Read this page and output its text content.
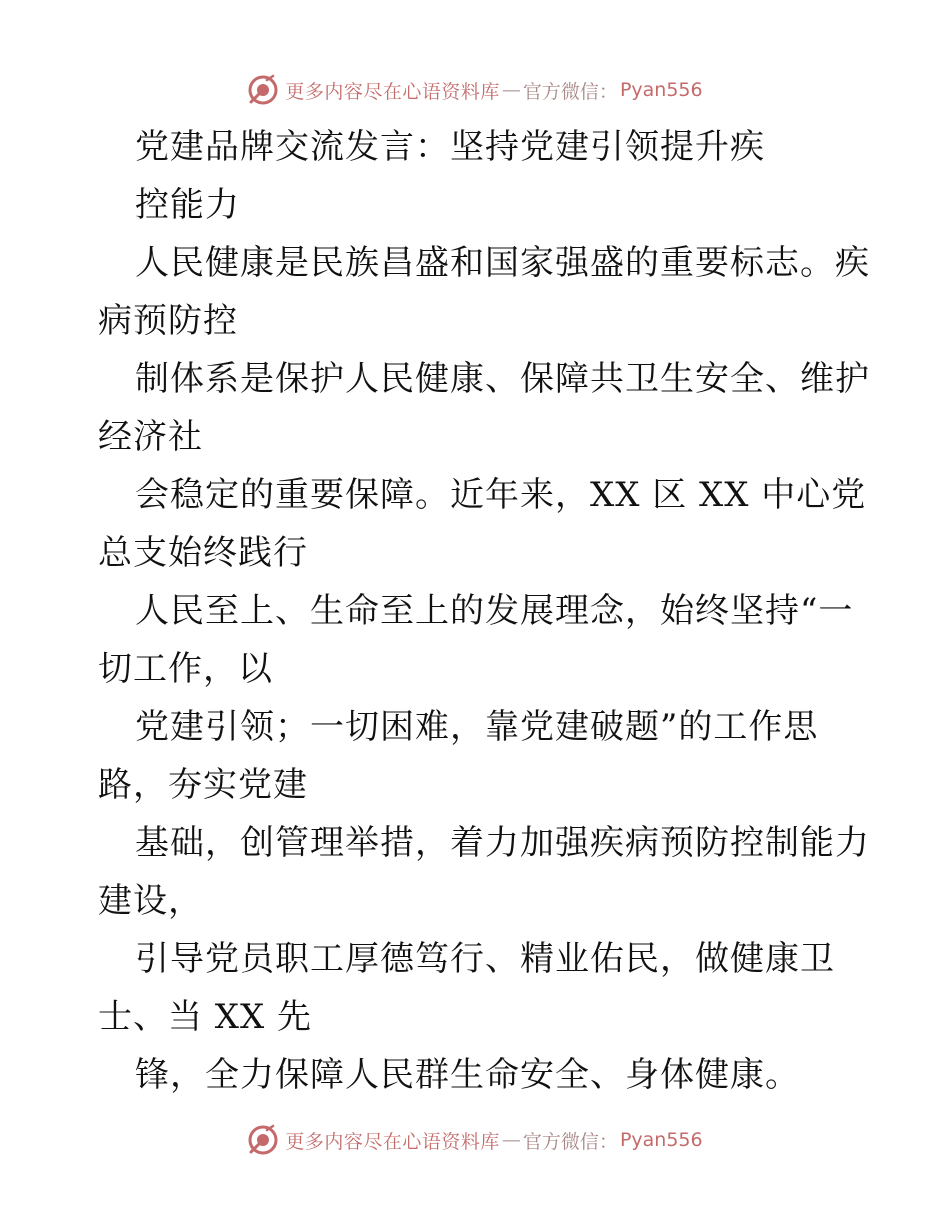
更多内容尽在心语资料库 — 官方微信： Pyan556
党建品牌交流发言：坚持党建引领提升疾
控能力
人民健康是民族昌盛和国家强盛的重要标志。疾
病预防控
制体系是保护人民健康、保障共卫生安全、维护
经济社
会稳定的重要保障。近年来，XX 区 XX 中心党
总支始终践行
人民至上、生命至上的发展理念，始终坚持“一
切工作，以
党建引领；一切困难，靠党建破题”的工作思
路，夯实党建
基础，创管理举措，着力加强疾病预防控制能力
建设，
引导党员职工厚德笃行、精业佑民，做健康卫
士、当 XX 先
锋，全力保障人民群生命安全、身体健康。
更多内容尽在心语资料库 — 官方微信： Pyan556
